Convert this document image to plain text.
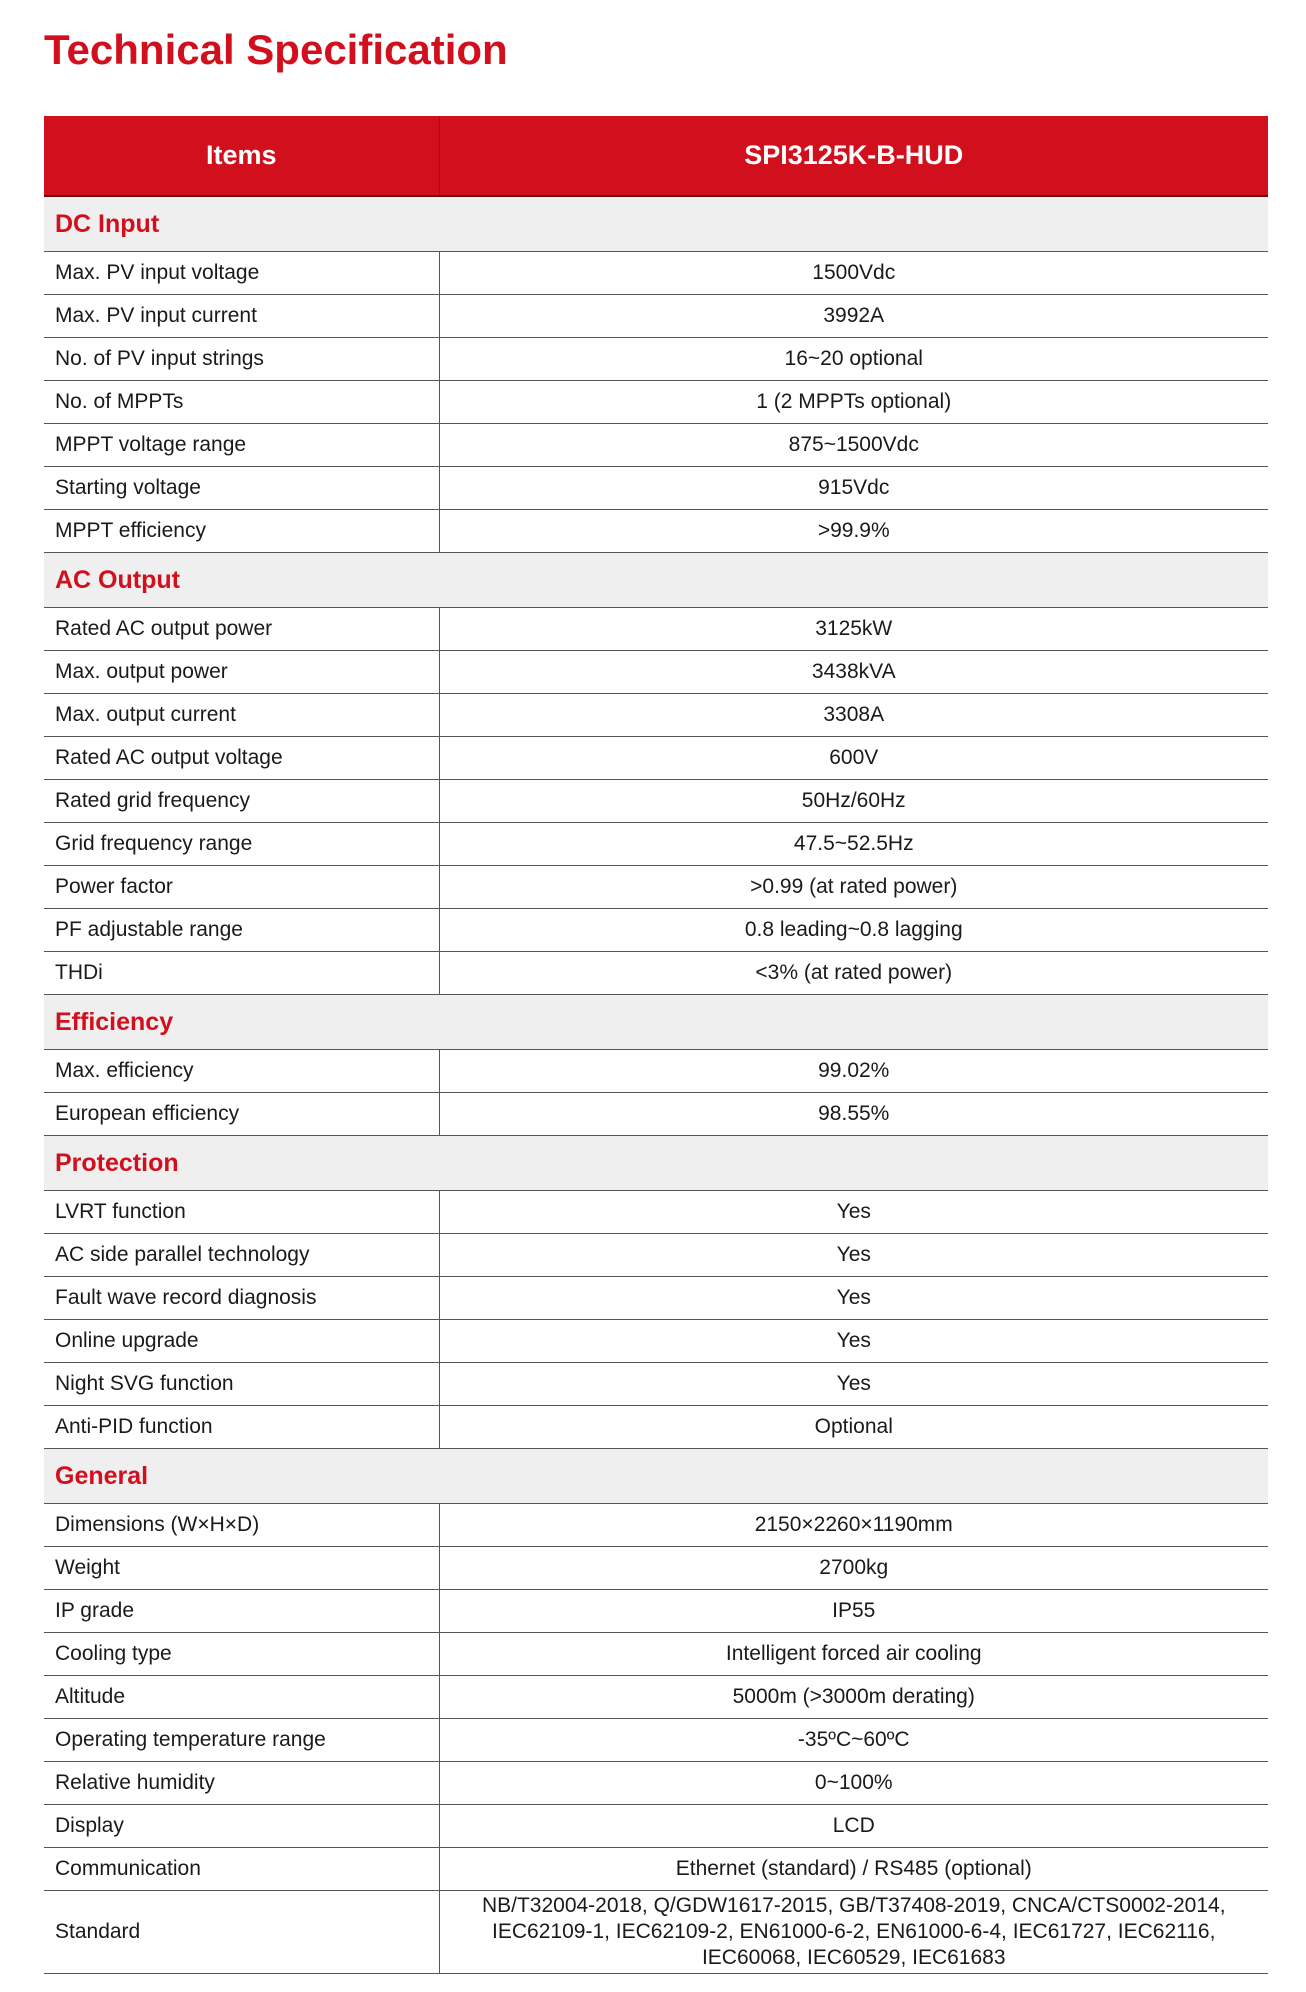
Technical Specification
Items	SPI3125K-B-HUD
DC Input	
Max. PV input voltage	1500Vdc
Max. PV input current	3992A
No. of PV input strings	16~20 optional
No. of MPPTs	1 (2 MPPTs optional)
MPPT voltage range	875~1500Vdc
Starting voltage	915Vdc
MPPT efficiency	>99.9%
AC Output	
Rated AC output power	3125kW
Max. output power	3438kVA
Max. output current	3308A
Rated AC output voltage	600V
Rated grid frequency	50Hz/60Hz
Grid frequency range	47.5~52.5Hz
Power factor	>0.99 (at rated power)
PF adjustable range	0.8 leading~0.8 lagging
THDi	<3% (at rated power)
Efficiency	
Max. efficiency	99.02%
European efficiency	98.55%
Protection	
LVRT function	Yes
AC side parallel technology	Yes
Fault wave record diagnosis	Yes
Online upgrade	Yes
Night SVG function	Yes
Anti-PID function	Optional
General	
Dimensions (W×H×D)	2150×2260×1190mm
Weight	2700kg
IP grade	IP55
Cooling type	Intelligent forced air cooling
Altitude	5000m (>3000m derating)
Operating temperature range	-35ºC~60ºC
Relative humidity	0~100%
Display	LCD
Communication	Ethernet (standard) / RS485 (optional)
Standard	NB/T32004-2018, Q/GDW1617-2015, GB/T37408-2019, CNCA/CTS0002-2014, IEC62109-1, IEC62109-2, EN61000-6-2, EN61000-6-4, IEC61727, IEC62116, IEC60068, IEC60529, IEC61683
